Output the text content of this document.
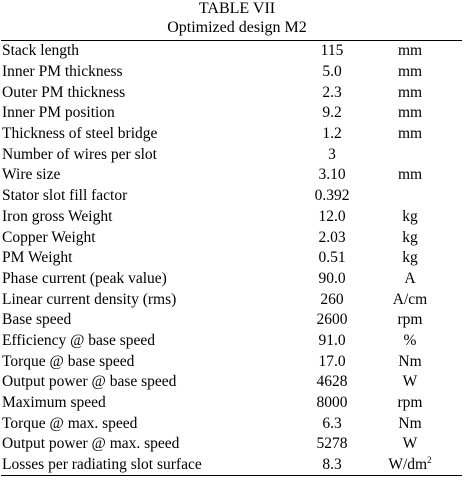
TABLE VII
Optimized design M2
Stack length	115	mm
Inner PM thickness	5.0	mm
Outer PM thickness	2.3	mm
Inner PM position	9.2	mm
Thickness of steel bridge	1.2	mm
Number of wires per slot	3	
Wire size	3.10	mm
Stator slot fill factor	0.392	
Iron gross Weight	12.0	kg
Copper Weight	2.03	kg
PM Weight	0.51	kg
Phase current (peak value)	90.0	A
Linear current density (rms)	260	A/cm
Base speed	2600	rpm
Efficiency @ base speed	91.0	%
Torque @ base speed	17.0	Nm
Output power @ base speed	4628	W
Maximum speed	8000	rpm
Torque @ max. speed	6.3	Nm
Output power @ max. speed	5278	W
Losses per radiating slot surface	8.3	$W/dm^2$
